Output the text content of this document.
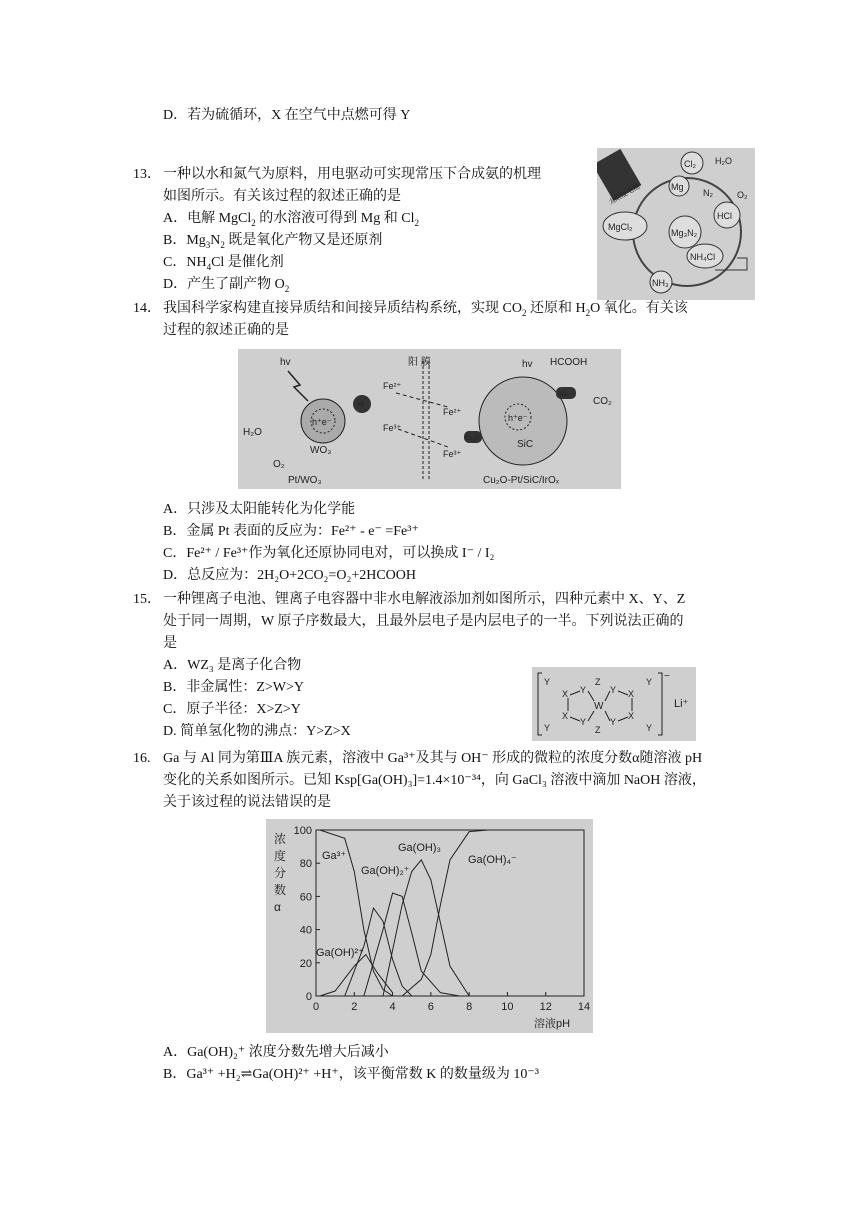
D．若为硫循环，X 在空气中点燃可得 Y
13． 一种以水和氮气为原料，用电驱动可实现常压下合成氨的机理
如图所示。有关该过程的叙述正确的是
A．电解 MgCl$_2$ 的水溶液可得到 Mg 和 $Cl_2$
B．$Mg_3N_2$ 既是氧化产物又是还原剂
C．$NH_4Cl$ 是催化剂
D．产生了副产物 $O_2$
太阳能电池
Cl₂ H₂O
O₂
Mg
N₂
MgCl₂
HCl
Mg₃N₂
NH₄Cl
NH₃
14． 我国科学家构建直接异质结和间接异质结构系统，实现 $CO_2$ 还原和 $H_2O$ 氧化。有关该
过程的叙述正确的是
hv
h⁺e⁻
WO₃
H₂O
O₂
Pt
Fe²⁺
Fe³⁺
阳 膜
Fe²⁺
Fe³⁺
h⁺e⁻
SiC
hv HCOOH
CO₂
Cu₂O
IrOₓ
Pt/WO₃	Cu₂O-Pt/SiC/IrOₓ
A．只涉及太阳能转化为化学能
B．金属 Pt 表面的反应为：Fe²⁺ - e⁻ =Fe³⁺
C．Fe²⁺ / Fe³⁺作为氧化还原协同电对，可以换成 I⁻ / I₂
D．总反应为：2H₂O+2CO₂=O₂+2HCOOH
15． 一种锂离子电池、锂离子电容器中非水电解液添加剂如图所示，四种元素中 X、Y、Z
处于同一周期，W 原子序数最大，且最外层电子是内层电子的一半。下列说法正确的
是
A．WZ₃ 是离子化合物
B．非金属性：Z>W>Y
C．原子半径：X>Z>Y
D. 简单氢化物的沸点：Y>Z>X
−
Li⁺
Y
X
X
Y
Y
Y
Z
W
Z
Y
Y
X
X
Y
Y
16. Ga 与 Al 同为第ⅢA 族元素，溶液中 Ga³⁺及其与 OH⁻ 形成的微粒的浓度分数α随溶液 pH
变化的关系如图所示。已知 Ksp[Ga(OH)₃]=1.4×10⁻³⁴，向 GaCl₃ 溶液中滴加 NaOH 溶液，
关于该过程的说法错误的是
0	2	4	6	8	10 12 14
0
20
40
60
80
100
Ga³⁺
Ga(OH)²⁺
Ga(OH)₂⁺
Ga(OH)₃
Ga(OH)₄⁻
浓度分数 α
溶液pH
A．Ga(OH)₂⁺ 浓度分数先增大后减小
B．Ga³⁺ +H₂⇌Ga(OH)²⁺ +H⁺，该平衡常数 K 的数量级为 10⁻³
